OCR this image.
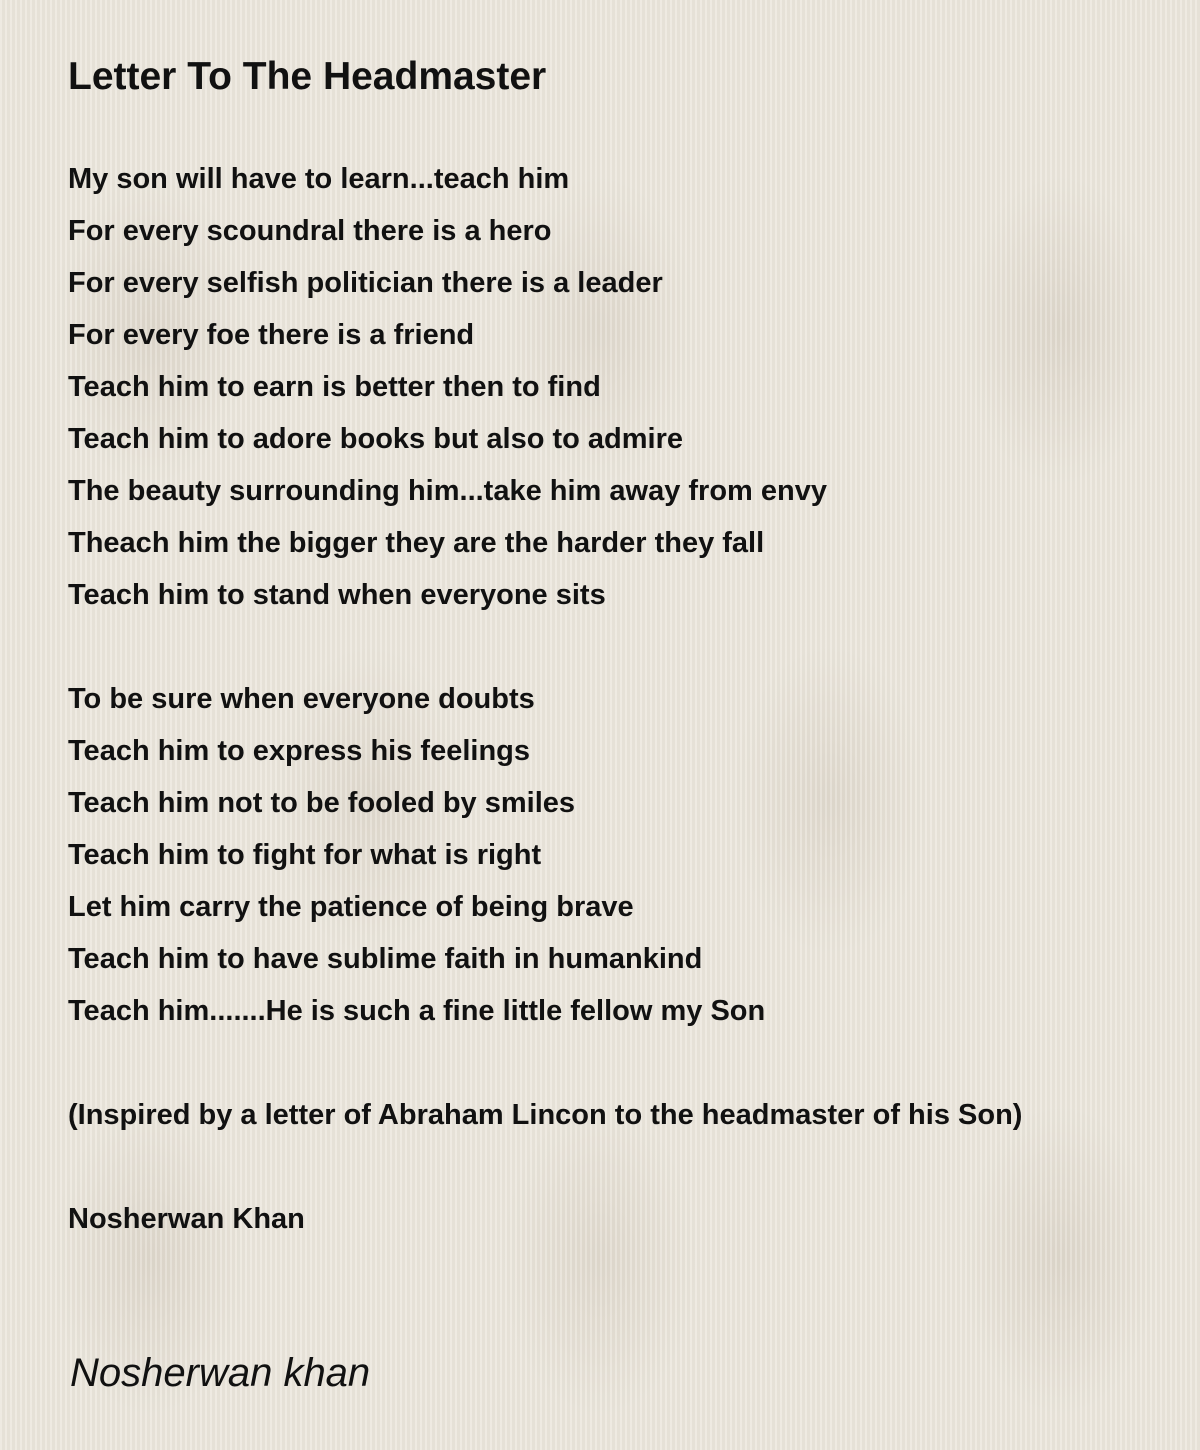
Letter To The Headmaster
My son will have to learn...teach him
For every scoundral there is a hero
For every selfish politician there is a leader
For every foe there is a friend
Teach him to earn is better then to find
Teach him to adore books but also to admire
The beauty surrounding him...take him away from envy
Theach him the bigger they are the harder they fall
Teach him to stand when everyone sits
To be sure when everyone doubts
Teach him to express his feelings
Teach him not to be fooled by smiles
Teach him to fight for what is right
Let him carry the patience of being brave
Teach him to have sublime faith in humankind
Teach him.......He is such a fine little fellow my Son
(Inspired by a letter of Abraham Lincon to the headmaster of his Son)
Nosherwan Khan
Nosherwan khan
